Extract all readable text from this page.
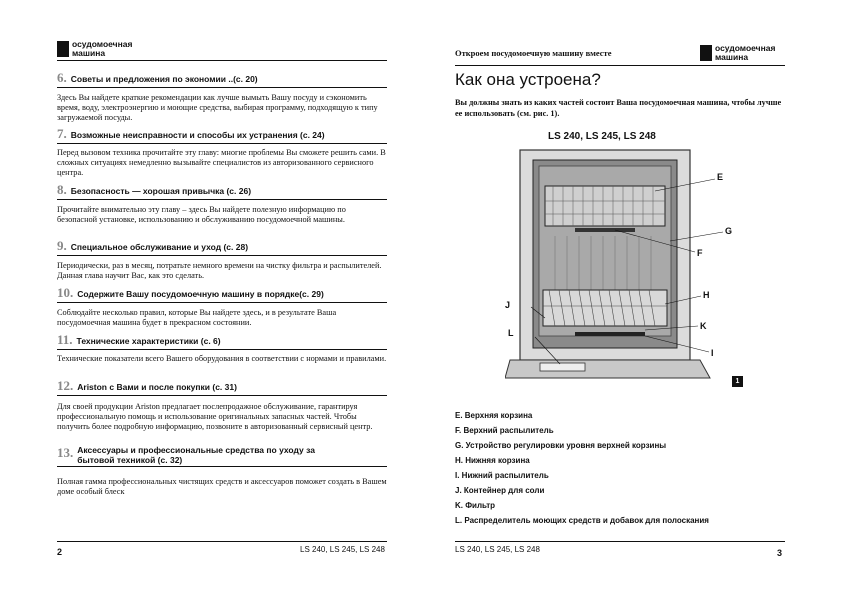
осудомоечная
машина
6. Советы и предложения по экономии ..(с. 20)
Здесь Вы найдете краткие рекомендации как лучше вымыть Вашу посуду и сэкономить время, воду, электроэнергию и моющие средства, выбирая программу, подходящую к типу загружаемой посуды.
7. Возможные неисправности и способы их устранения (с. 24)
Перед вызовом техника прочитайте эту главу: многие проблемы Вы сможете решить сами. В сложных ситуациях немедленно вызывайте специалистов из авторизованного сервисного центра.
8. Безопасность — хорошая привычка (с. 26)
Прочитайте внимательно эту главу – здесь Вы найдете полезную информацию по безопасной установке, использованию и обслуживанию посудомоечной машины.
9. Специальное обслуживание и уход (с. 28)
Периодически, раз в месяц, потратьте немного времени на чистку фильтра и распылителей. Данная глава научит Вас, как это сделать.
10. Содержите Вашу посудомоечную машину в порядке(с. 29)
Соблюдайте несколько правил, которые Вы найдете здесь, и в результате Ваша посудомоечная машина будет в прекрасном состоянии.
11. Технические характеристики (с. 6)
Технические показатели всего Вашего оборудования в соответствии с нормами и правилами.
12. Ariston с Вами и после покупки (с. 31)
Для своей продукции Ariston предлагает послепродажное обслуживание, гарантируя профессиональную помощь и использование оригинальных запасных частей. Чтобы получить более подробную информацию, позвоните в авторизованный сервисный центр.
13. Аксессуары и профессиональные средства по уходу за бытовой техникой (с. 32)
Полная гамма профессиональных чистящих средств и аксессуаров поможет создать в Вашем доме особый блеск
2	LS 240, LS 245, LS 248
Откроем посудомоечную машину вместе	осудомоечная
машина
Как она устроена?
Вы должны знать из каких частей состоит Ваша посудомоечная машина, чтобы лучше ее использовать (см. рис. 1).
LS 240, LS 245, LS 248
E
G
F
H
J
K
L
I
1
E. Верхняя корзина
F. Верхний распылитель
G. Устройство регулировки уровня верхней корзины
H. Нижняя корзина
I. Нижний распылитель
J. Контейнер для соли
K. Фильтр
L. Распределитель моющих средств и добавок для полоскания
LS 240, LS 245, LS 248	3
